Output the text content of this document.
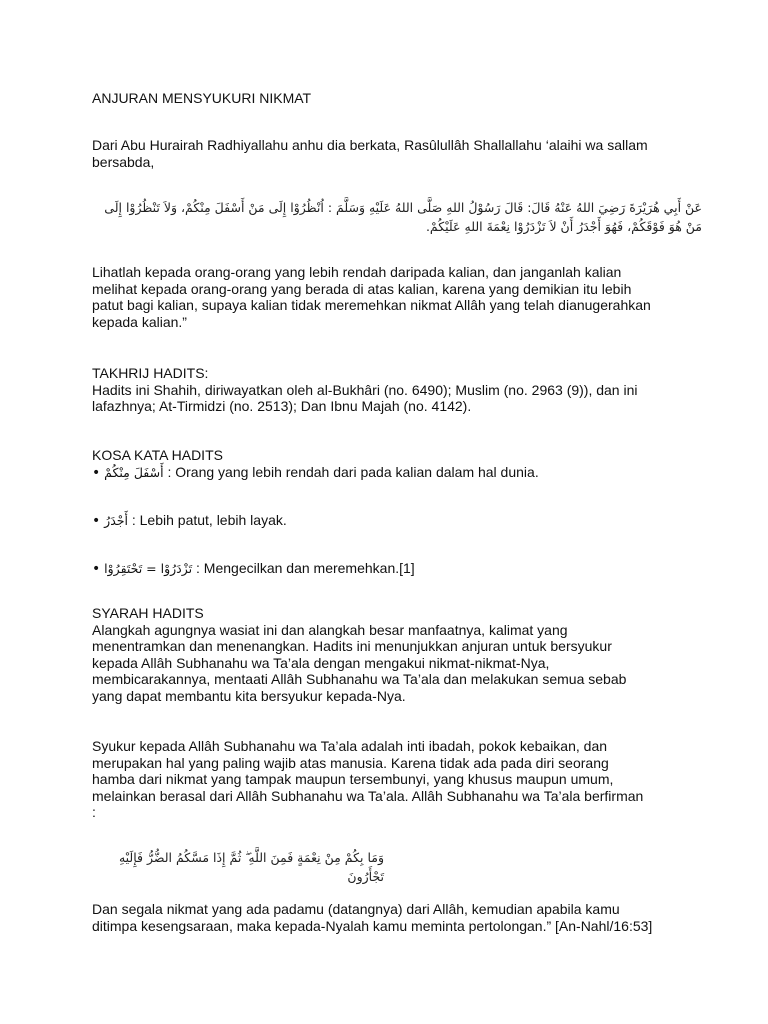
ANJURAN MENSYUKURI NIKMAT

Dari Abu Hurairah Radhiyallahu anhu dia berkata, Rasûlullâh Shallallahu ‘alaihi wa sallam

bersabda,

عَنْ أَبِي هُرَيْرَةَ رَضِيَ اللهُ عَنْهُ قَالَ: قَالَ رَسُوْلُ اللهِ صَلَّى اللهُ عَلَيْهِ وَسَلَّمَ : اُنْظُرُوْا إِلَى مَنْ أَسْفَلَ مِنْكُمْ، وَلاَ تَنْظُرُوْا إِلَى

مَنْ هُوَ فَوْقَكُمْ، فَهُوَ أَجْدَرُ أَنْ لاَ تَزْدَرُوْا نِعْمَةَ اللهِ عَلَيْكُمْ.

Lihatlah kepada orang-orang yang lebih rendah daripada kalian, dan janganlah kalian

melihat kepada orang-orang yang berada di atas kalian, karena yang demikian itu lebih

patut bagi kalian, supaya kalian tidak meremehkan nikmat Allâh yang telah dianugerahkan

kepada kalian.”

TAKHRIJ HADITS:

Hadits ini Shahih, diriwayatkan oleh al-Bukhâri (no. 6490); Muslim (no. 2963 (9)), dan ini

lafazhnya; At-Tirmidzi (no. 2513); Dan Ibnu Majah (no. 4142).

KOSA KATA HADITS

• أَسْفَلَ مِنْكُمْ : Orang yang lebih rendah dari pada kalian dalam hal dunia.

• أَجْدَرُ : Lebih patut, lebih layak.

• تَزْدَرُوْا = تَحْتَقِرُوْا : Mengecilkan dan meremehkan.[1]

SYARAH HADITS

Alangkah agungnya wasiat ini dan alangkah besar manfaatnya, kalimat yang

menentramkan dan menenangkan. Hadits ini menunjukkan anjuran untuk bersyukur

kepada Allâh Subhanahu wa Ta’ala dengan mengakui nikmat-nikmat-Nya,

membicarakannya, mentaati Allâh Subhanahu wa Ta’ala dan melakukan semua sebab

yang dapat membantu kita bersyukur kepada-Nya.

Syukur kepada Allâh Subhanahu wa Ta’ala adalah inti ibadah, pokok kebaikan, dan

merupakan hal yang paling wajib atas manusia. Karena tidak ada pada diri seorang

hamba dari nikmat yang tampak maupun tersembunyi, yang khusus maupun umum,

melainkan berasal dari Allâh Subhanahu wa Ta’ala. Allâh Subhanahu wa Ta’ala berfirman

:

وَمَا بِكُمْ مِنْ نِعْمَةٍ فَمِنَ اللَّهِ ۖ ثُمَّ إِذَا مَسَّكُمُ الضُّرُّ فَإِلَيْهِ تَجْأَرُونَ

Dan segala nikmat yang ada padamu (datangnya) dari Allâh, kemudian apabila kamu

ditimpa kesengsaraan, maka kepada-Nyalah kamu meminta pertolongan.” [An-Nahl/16:53]
